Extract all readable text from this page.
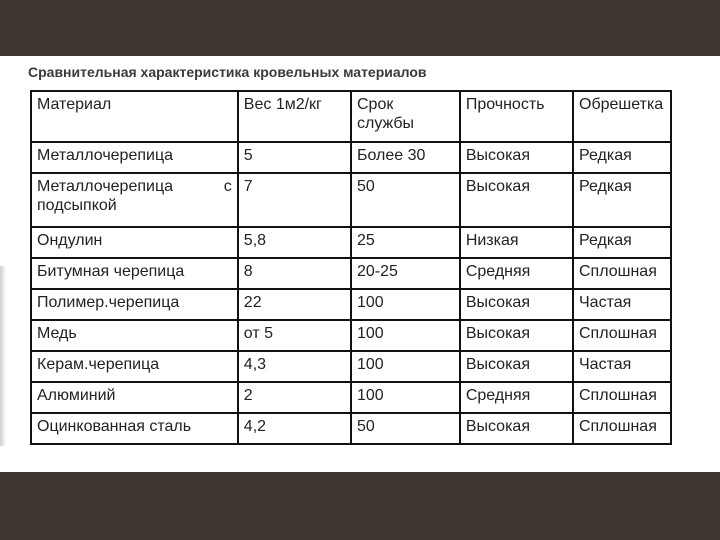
Сравнительная характеристика кровельных материалов
Материал	Вес 1м2/кг	Срок службы	Прочность	Обрешетка
Металлочерепица	5	Более 30	Высокая	Редкая

Металлочерепица с подсыпкой	7	50	Высокая	Редкая
Ондулин	5,8	25	Низкая	Редкая
Битумная черепица	8	20-25	Средняя	Сплошная
Полимер.черепица	22	100	Высокая	Частая
Медь	от 5	100	Высокая	Сплошная
Керам.черепица	4,3	100	Высокая	Частая
Алюминий	2	100	Средняя	Сплошная
Оцинкованная сталь	4,2	50	Высокая	Сплошная
